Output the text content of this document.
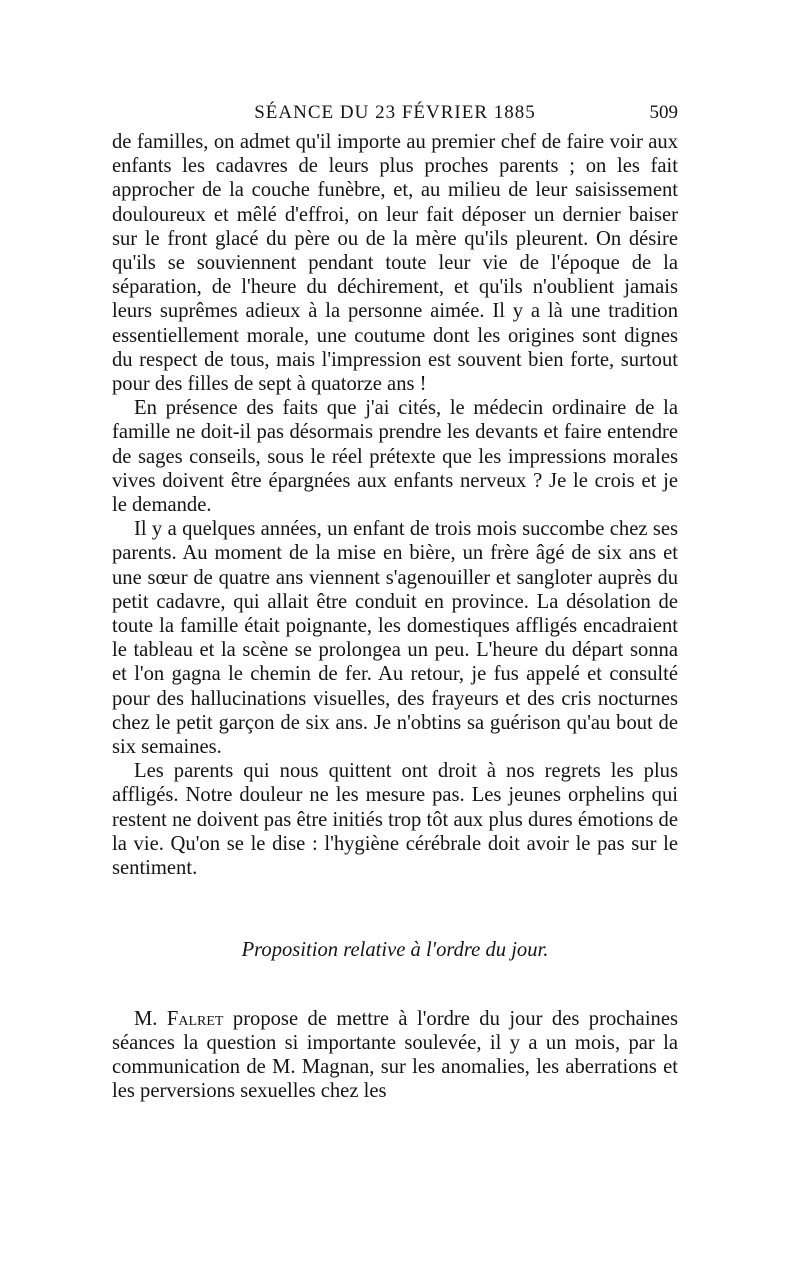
SÉANCE DU 23 FÉVRIER 1885	509

de familles, on admet qu'il importe au premier chef de faire voir aux enfants les cadavres de leurs plus proches parents ; on les fait approcher de la couche funèbre, et, au milieu de leur saisissement douloureux et mêlé d'effroi, on leur fait déposer un dernier baiser sur le front glacé du père ou de la mère qu'ils pleurent. On désire qu'ils se souviennent pendant toute leur vie de l'époque de la séparation, de l'heure du déchirement, et qu'ils n'oublient jamais leurs suprêmes adieux à la personne aimée. Il y a là une tradition essentiellement morale, une coutume dont les origines sont dignes du respect de tous, mais l'impression est souvent bien forte, surtout pour des filles de sept à quatorze ans !

En présence des faits que j'ai cités, le médecin ordinaire de la famille ne doit-il pas désormais prendre les devants et faire entendre de sages conseils, sous le réel prétexte que les impressions morales vives doivent être épargnées aux enfants nerveux ? Je le crois et je le demande.

Il y a quelques années, un enfant de trois mois succombe chez ses parents. Au moment de la mise en bière, un frère âgé de six ans et une sœur de quatre ans viennent s'agenouiller et sangloter auprès du petit cadavre, qui allait être conduit en province. La désolation de toute la famille était poignante, les domestiques affligés encadraient le tableau et la scène se prolongea un peu. L'heure du départ sonna et l'on gagna le chemin de fer. Au retour, je fus appelé et consulté pour des hallucinations visuelles, des frayeurs et des cris nocturnes chez le petit garçon de six ans. Je n'obtins sa guérison qu'au bout de six semaines.

Les parents qui nous quittent ont droit à nos regrets les plus affligés. Notre douleur ne les mesure pas. Les jeunes orphelins qui restent ne doivent pas être initiés trop tôt aux plus dures émotions de la vie. Qu'on se le dise : l'hygiène cérébrale doit avoir le pas sur le sentiment.

Proposition relative à l'ordre du jour.

M. Falret propose de mettre à l'ordre du jour des prochaines séances la question si importante soulevée, il y a un mois, par la communication de M. Magnan, sur les anomalies, les aberrations et les perversions sexuelles chez les
